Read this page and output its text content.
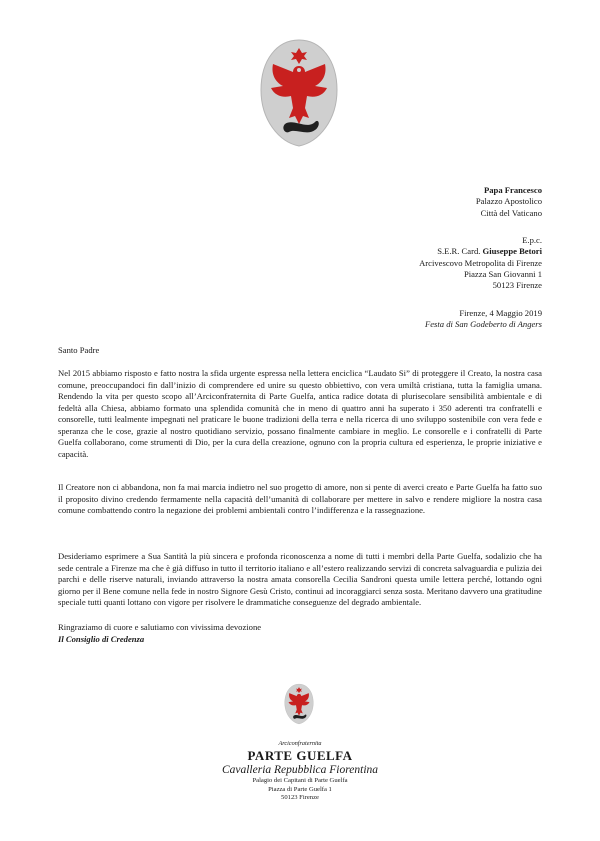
Papa Francesco
Palazzo Apostolico
Città del Vaticano
E.p.c.
S.E.R. Card. Giuseppe Betori
Arcivescovo Metropolita di Firenze
Piazza San Giovanni 1
50123 Firenze
Firenze, 4 Maggio 2019
Festa di San Godeberto di Angers
Santo Padre
Nel 2015 abbiamo risposto e fatto nostra la sfida urgente espressa nella lettera enciclica “Laudato Si” di proteggere il Creato, la nostra casa comune, preoccupandoci fin dall’inizio di comprendere ed unire su questo obbiettivo, con vera umiltà cristiana, tutta la famiglia umana. Rendendo la vita per questo scopo all’Arciconfraternita di Parte Guelfa, antica radice dotata di plurisecolare sensibilità ambientale e di fedeltà alla Chiesa, abbiamo formato una splendida comunità che in meno di quattro anni ha superato i 350 aderenti tra confratelli e consorelle, tutti lealmente impegnati nel praticare le buone tradizioni della terra e nella ricerca di uno sviluppo sostenibile con vera fede e speranza che le cose, grazie al nostro quotidiano servizio, possano finalmente cambiare in meglio. Le consorelle e i confratelli di Parte Guelfa collaborano, come strumenti di Dio, per la cura della creazione, ognuno con la propria cultura ed esperienza, le proprie iniziative e capacità.
Il Creatore non ci abbandona, non fa mai marcia indietro nel suo progetto di amore, non si pente di averci creato e Parte Guelfa ha fatto suo il proposito divino credendo fermamente nella capacità dell’umanità di collaborare per mettere in salvo e rendere migliore la nostra casa comune combattendo contro la negazione dei problemi ambientali contro l’indifferenza e la rassegnazione.
Desideriamo esprimere a Sua Santità la più sincera e profonda riconoscenza a nome di tutti i membri della Parte Guelfa, sodalizio che ha sede centrale a Firenze ma che è già diffuso in tutto il territorio italiano e all’estero realizzando servizi di concreta salvaguardia e pulizia dei parchi e delle riserve naturali, inviando attraverso la nostra amata consorella Cecilia Sandroni questa umile lettera perché, lottando ogni giorno per il Bene comune nella fede in nostro Signore Gesù Cristo, continui ad incoraggiarci senza sosta. Meritano davvero una gratitudine speciale tutti quanti lottano con vigore per risolvere le drammatiche conseguenze del degrado ambientale.
Ringraziamo di cuore e salutiamo con vivissima devozione
Il Consiglio di Credenza
Arciconfraternita
PARTE GUELFA
Cavalleria Repubblica Fiorentina
Palagio dei Capitani di Parte Guelfa
Piazza di Parte Guelfa 1
50123 Firenze
